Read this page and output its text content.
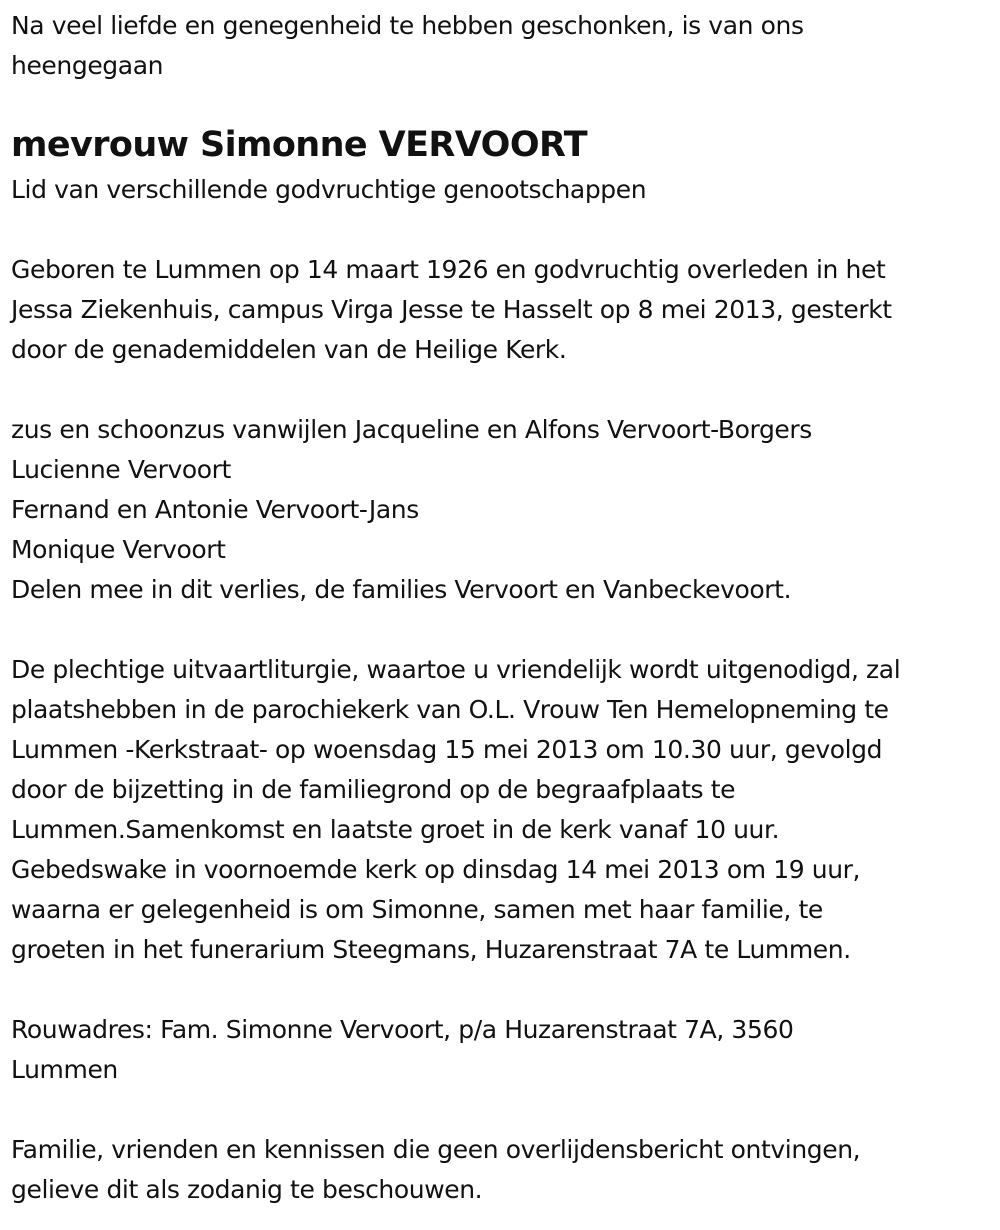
Na veel liefde en genegenheid te hebben geschonken, is van ons
heengegaan
mevrouw Simonne VERVOORT
Lid van verschillende godvruchtige genootschappen
Geboren te Lummen op 14 maart 1926 en godvruchtig overleden in het
Jessa Ziekenhuis, campus Virga Jesse te Hasselt op 8 mei 2013, gesterkt
door de genademiddelen van de Heilige Kerk.
zus en schoonzus vanwijlen Jacqueline en Alfons Vervoort-Borgers
Lucienne Vervoort
Fernand en Antonie Vervoort-Jans
Monique Vervoort
Delen mee in dit verlies, de families Vervoort en Vanbeckevoort.
De plechtige uitvaartliturgie, waartoe u vriendelijk wordt uitgenodigd, zal
plaatshebben in de parochiekerk van O.L. Vrouw Ten Hemelopneming te
Lummen -Kerkstraat- op woensdag 15 mei 2013 om 10.30 uur, gevolgd
door de bijzetting in de familiegrond op de begraafplaats te
Lummen.Samenkomst en laatste groet in de kerk vanaf 10 uur.
Gebedswake in voornoemde kerk op dinsdag 14 mei 2013 om 19 uur,
waarna er gelegenheid is om Simonne, samen met haar familie, te
groeten in het funerarium Steegmans, Huzarenstraat 7A te Lummen.
Rouwadres: Fam. Simonne Vervoort, p/a Huzarenstraat 7A, 3560
Lummen
Familie, vrienden en kennissen die geen overlijdensbericht ontvingen,
gelieve dit als zodanig te beschouwen.
